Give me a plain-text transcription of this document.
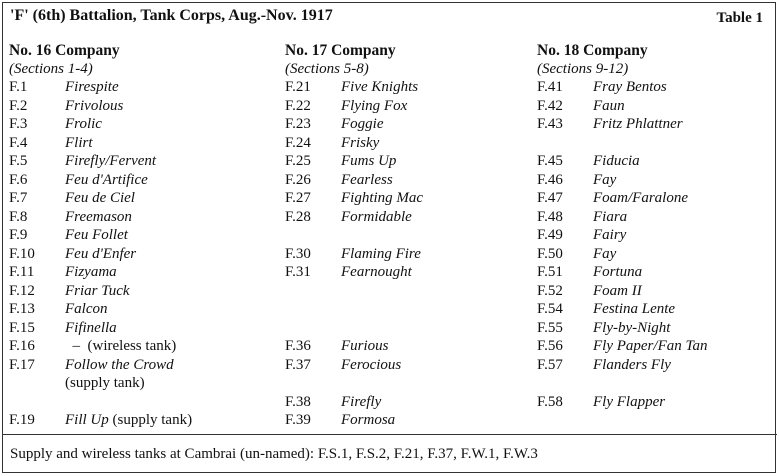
'F' (6th) Battalion, Tank Corps, Aug.-Nov. 1917	Table 1
No. 16 Company
(Sections 1-4)
F.1	Firespite
F.2	Frivolous
F.3	Frolic
F.4	Flirt
F.5	Firefly/Fervent
F.6	Feu d'Artifice
F.7	Feu de Ciel
F.8	Freemason
F.9	Feu Follet
F.10 Feu d'Enfer
F.11 Fizyama
F.12 Friar Tuck
F.13 Falcon
F.15 Fifinella
F.16  –  (wireless tank)
F.17 Follow the Crowd
(supply tank)

F.19 Fill Up (supply tank)
No. 17 Company
(Sections 5-8)
F.21 Five Knights
F.22 Flying Fox
F.23 Foggie
F.24 Frisky
F.25 Fums Up
F.26 Fearless
F.27 Fighting Mac
F.28 Formidable

F.30 Flaming Fire
F.31 Fearnought

F.36 Furious
F.37 Ferocious

F.38 Firefly
F.39 Formosa
No. 18 Company
(Sections 9-12)
F.41 Fray Bentos
F.42 Faun
F.43 Fritz Phlattner

F.45 Fiducia
F.46 Fay
F.47 Foam/Faralone
F.48 Fiara
F.49 Fairy
F.50 Fay
F.51 Fortuna
F.52 Foam II
F.54 Festina Lente
F.55 Fly-by-Night
F.56 Fly Paper/Fan Tan
F.57 Flanders Fly

F.58 Fly Flapper
Supply and wireless tanks at Cambrai (un-named): F.S.1, F.S.2, F.21, F.37, F.W.1, F.W.3
